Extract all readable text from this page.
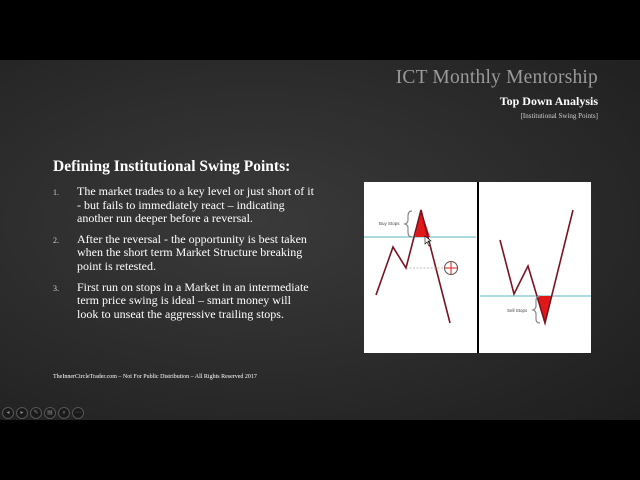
ICT Monthly Mentorship
Top Down Analysis
[Institutional Swing Points]
Defining Institutional Swing Points:
1. The market trades to a key level or just short of it - but fails to immediately react – indicating another run deeper before a reversal.
2. After the reversal - the opportunity is best taken when the short term Market Structure breaking point is retested.
3. First run on stops in a Market in an intermediate term price swing is ideal – smart money will look to unseat the aggressive trailing stops.
TheInnerCircleTrader.com – Not For Public Distribution – All Rights Reserved 2017
Buy Stops
Sell Stops
◂	▸	✎	▤	⌕	⋯
